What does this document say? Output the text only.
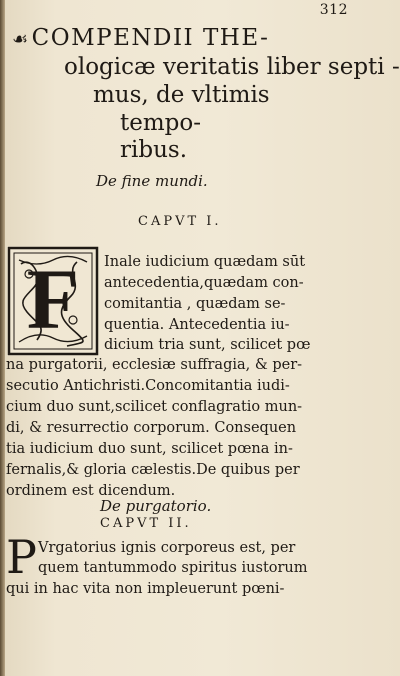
312
☙COMPENDII THE-
ologicæ veritatis liber septi -
mus, de vltimis
tempo-
ribus.
De fine mundi.
CAPVT I.
F Inale iudicium quædam sūt
antecedentia,quædam con-
comitantia , quædam se-
quentia. Antecedentia iu-
dicium tria sunt, scilicet pœ
na purgatorii, ecclesiæ suffragia, & per-
secutio Antichristi.Concomitantia iudi-
cium duo sunt,scilicet conflagratio mun-
di, & resurrectio corporum. Consequen
tia iudicium duo sunt, scilicet pœna in-
fernalis,& gloria cælestis.De quibus per
ordinem est dicendum.
De purgatorio.
CAPVT II.
P Vrgatorius ignis corporeus est, per
quem tantummodo spiritus iustorum
qui in hac vita non impleuerunt pœni-
